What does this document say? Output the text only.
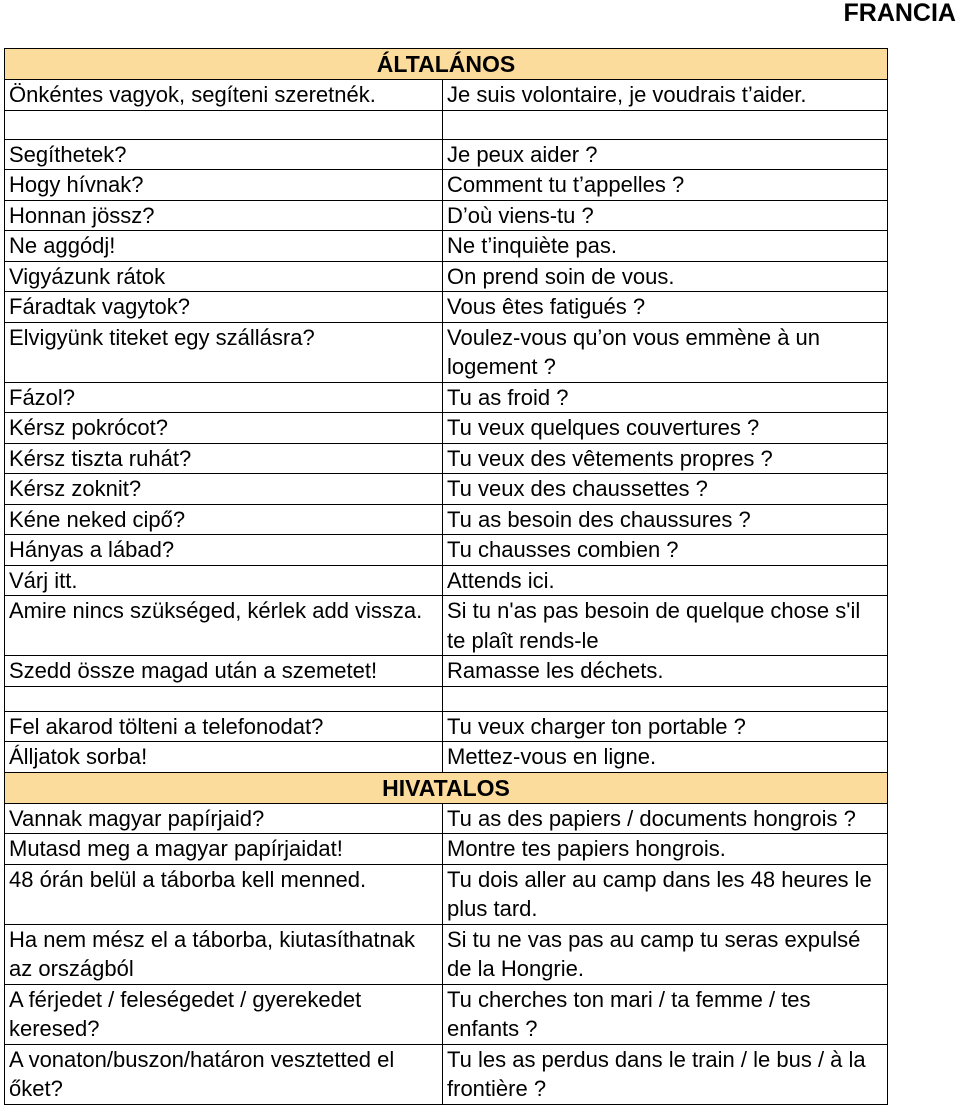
FRANCIA
ÁLTALÁNOS	
Önkéntes vagyok, segíteni szeretnék.	Je suis volontaire, je voudrais t’aider.

Segíthetek?	Je peux aider ?
Hogy hívnak?	Comment tu t’appelles ?
Honnan jössz?	D’où viens-tu ?
Ne aggódj!	Ne t’inquiète pas.
Vigyázunk rátok	On prend soin de vous.
Fáradtak vagytok?	Vous êtes fatigués ?
Elvigyünk titeket egy szállásra?	Voulez-vous qu’on vous emmène à un logement ?
Fázol?	Tu as froid ?
Kérsz pokrócot?	Tu veux quelques couvertures ?
Kérsz tiszta ruhát?	Tu veux des vêtements propres ?
Kérsz zoknit?	Tu veux des chaussettes ?
Kéne neked cipő?	Tu as besoin des chaussures ?
Hányas a lábad?	Tu chausses combien ?
Várj itt.	Attends ici.
Amire nincs szükséged, kérlek add vissza.	Si tu n'as pas besoin de quelque chose s'il te plaît rends-le
Szedd össze magad után a szemetet!	Ramasse les déchets.

Fel akarod tölteni a telefonodat?	Tu veux charger ton portable ?
Álljatok sorba!	Mettez-vous en ligne.
HIVATALOS	
Vannak magyar papírjaid?	Tu as des papiers / documents hongrois ?
Mutasd meg a magyar papírjaidat!	Montre tes papiers hongrois.
48 órán belül a táborba kell menned.	Tu dois aller au camp dans les 48 heures le plus tard.
Ha nem mész el a táborba, kiutasíthatnak az országból	Si tu ne vas pas au camp tu seras expulsé de la Hongrie.
A férjedet / feleségedet / gyerekedet keresed?	Tu cherches ton mari / ta femme / tes enfants ?
A vonaton/buszon/határon vesztetted el őket?	Tu les as perdus dans le train / le bus / à la frontière ?
